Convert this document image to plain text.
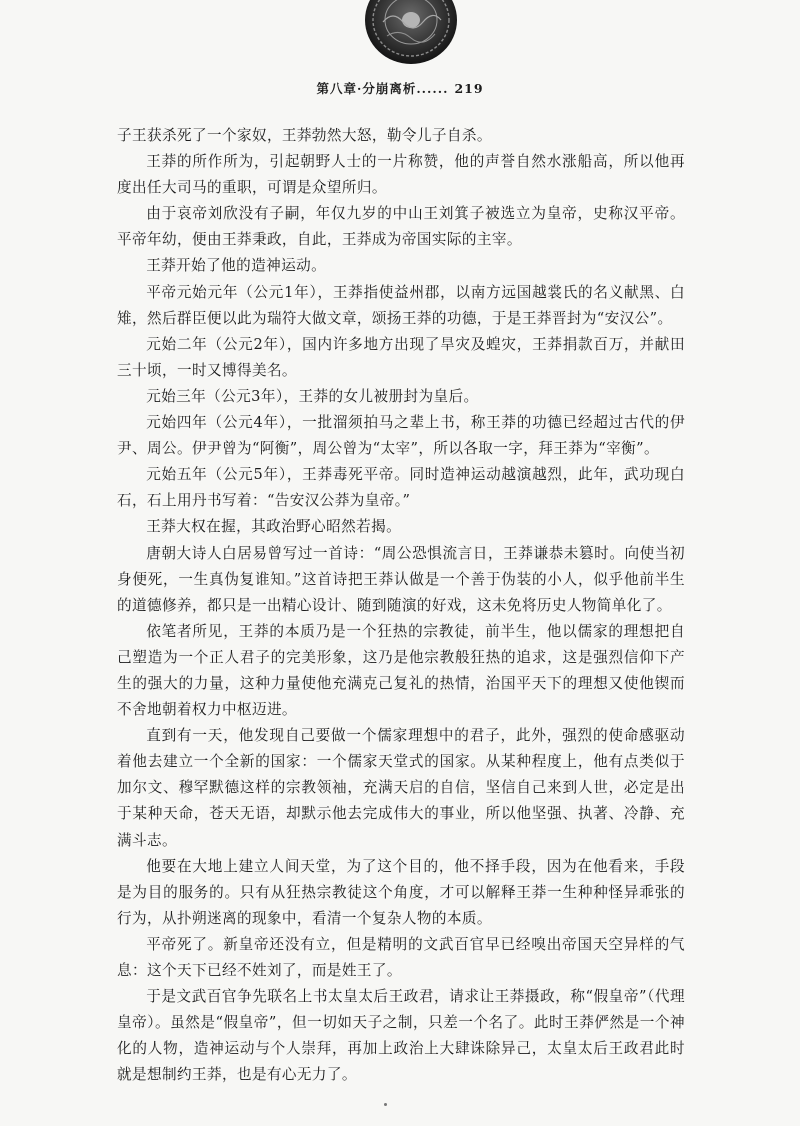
第八章·分崩离析...... 219

子王获杀死了一个家奴，王莽勃然大怒，勒令儿子自杀。

王莽的所作所为，引起朝野人士的一片称赞，他的声誉自然水涨船高，所以他再度出任大司马的重职，可谓是众望所归。

由于哀帝刘欣没有子嗣，年仅九岁的中山王刘箕子被选立为皇帝，史称汉平帝。平帝年幼，便由王莽秉政，自此，王莽成为帝国实际的主宰。

王莽开始了他的造神运动。

平帝元始元年（公元1年），王莽指使益州郡，以南方远国越裳氏的名义献黑、白雉，然后群臣便以此为瑞符大做文章，颂扬王莽的功德，于是王莽晋封为“安汉公”。

元始二年（公元2年），国内许多地方出现了旱灾及蝗灾，王莽捐款百万，并献田三十顷，一时又博得美名。

元始三年（公元3年），王莽的女儿被册封为皇后。

元始四年（公元4年），一批溜须拍马之辈上书，称王莽的功德已经超过古代的伊尹、周公。伊尹曾为“阿衡”，周公曾为“太宰”，所以各取一字，拜王莽为“宰衡”。

元始五年（公元5年），王莽毒死平帝。同时造神运动越演越烈，此年，武功现白石，石上用丹书写着：“告安汉公莽为皇帝。”

王莽大权在握，其政治野心昭然若揭。

唐朝大诗人白居易曾写过一首诗：“周公恐惧流言日，王莽谦恭未篡时。向使当初身便死，一生真伪复谁知。”这首诗把王莽认做是一个善于伪装的小人，似乎他前半生的道德修养，都只是一出精心设计、随到随演的好戏，这未免将历史人物简单化了。

依笔者所见，王莽的本质乃是一个狂热的宗教徒，前半生，他以儒家的理想把自己塑造为一个正人君子的完美形象，这乃是他宗教般狂热的追求，这是强烈信仰下产生的强大的力量，这种力量使他充满克己复礼的热情，治国平天下的理想又使他锲而不舍地朝着权力中枢迈进。

直到有一天，他发现自己要做一个儒家理想中的君子，此外，强烈的使命感驱动着他去建立一个全新的国家：一个儒家天堂式的国家。从某种程度上，他有点类似于加尔文、穆罕默德这样的宗教领袖，充满天启的自信，坚信自己来到人世，必定是出于某种天命，苍天无语，却默示他去完成伟大的事业，所以他坚强、执著、冷静、充满斗志。

他要在大地上建立人间天堂，为了这个目的，他不择手段，因为在他看来，手段是为目的服务的。只有从狂热宗教徒这个角度，才可以解释王莽一生种种怪异乖张的行为，从扑朔迷离的现象中，看清一个复杂人物的本质。

平帝死了。新皇帝还没有立，但是精明的文武百官早已经嗅出帝国天空异样的气息：这个天下已经不姓刘了，而是姓王了。

于是文武百官争先联名上书太皇太后王政君，请求让王莽摄政，称“假皇帝”（代理皇帝）。虽然是“假皇帝”，但一切如天子之制，只差一个名了。此时王莽俨然是一个神化的人物，造神运动与个人崇拜，再加上政治上大肆诛除异己，太皇太后王政君此时就是想制约王莽，也是有心无力了。
